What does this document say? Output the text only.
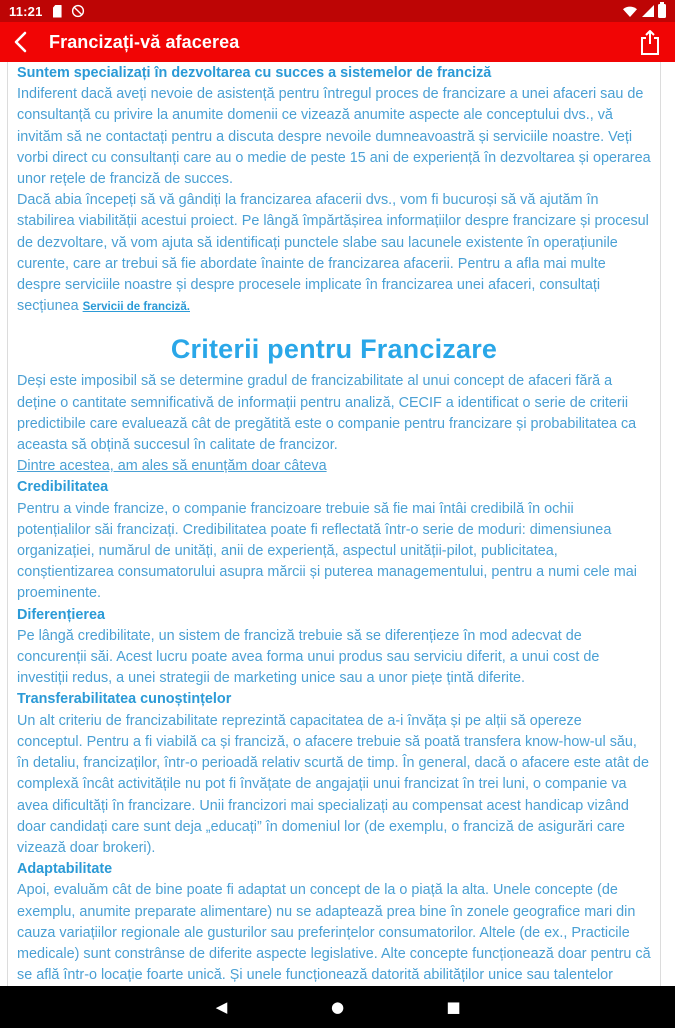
11:21
Francizați-vă afacerea

Suntem specializați în dezvoltarea cu succes a sistemelor de franciză

Indiferent dacă aveți nevoie de asistență pentru întregul proces de francizare a unei afaceri sau de consultanță cu privire la anumite domenii ce vizează anumite aspecte ale conceptului dvs., vă invităm să ne contactați pentru a discuta despre nevoile dumneavoastră și serviciile noastre. Veți vorbi direct cu consultanți care au o medie de peste 15 ani de experiență în dezvoltarea și operarea unor rețele de franciză de succes.

Dacă abia începeți să vă gândiți la francizarea afacerii dvs., vom fi bucuroși să vă ajutăm în stabilirea viabilității acestui proiect. Pe lângă împărtășirea informațiilor despre francizare și procesul de dezvoltare, vă vom ajuta să identificați punctele slabe sau lacunele existente în operațiunile curente, care ar trebui să fie abordate înainte de francizarea afacerii. Pentru a afla mai multe despre serviciile noastre și despre procesele implicate în francizarea unei afaceri, consultați secțiunea Servicii de franciză.

Criterii pentru Francizare

Deși este imposibil să se determine gradul de francizabilitate al unui concept de afaceri fără a deține o cantitate semnificativă de informații pentru analiză, CECIF a identificat o serie de criterii predictibile care evaluează cât de pregătită este o companie pentru francizare și probabilitatea ca aceasta să obțină succesul în calitate de francizor.

Dintre acestea, am ales să enunțăm doar câteva

Credibilitatea

Pentru a vinde francize, o companie francizoare trebuie să fie mai întâi credibilă în ochii potențialilor săi francizați. Credibilitatea poate fi reflectată într-o serie de moduri: dimensiunea organizației, numărul de unități, anii de experiență, aspectul unității-pilot, publicitatea, conștientizarea consumatorului asupra mărcii și puterea managementului, pentru a numi cele mai proeminente.

Diferențierea

Pe lângă credibilitate, un sistem de franciză trebuie să se diferențieze în mod adecvat de concurenții săi. Acest lucru poate avea forma unui produs sau serviciu diferit, a unui cost de investiții redus, a unei strategii de marketing unice sau a unor piețe țintă diferite.

Transferabilitatea cunoștințelor

Un alt criteriu de francizabilitate reprezintă capacitatea de a-i învăța și pe alții să opereze conceptul. Pentru a fi viabilă ca și franciză, o afacere trebuie să poată transfera know-how-ul său, în detaliu, francizaților, într-o perioadă relativ scurtă de timp. În general, dacă o afacere este atât de complexă încât activitățile nu pot fi învățate de angajații unui francizat în trei luni, o companie va avea dificultăți în francizare. Unii francizori mai specializați au compensat acest handicap vizând doar candidați care sunt deja „educați” în domeniul lor (de exemplu, o franciză de asigurări care vizează doar brokeri).

Adaptabilitate

Apoi, evaluăm cât de bine poate fi adaptat un concept de la o piață la alta. Unele concepte (de exemplu, anumite preparate alimentare) nu se adaptează prea bine în zonele geografice mari din cauza variațiilor regionale ale gusturilor sau preferințelor consumatorilor. Altele (de ex., Practicile medicale) sunt constrânse de diferite aspecte legislative. Alte concepte funcționează doar pentru că se află într-o locație foarte unică. Și unele funcționează datorită abilităților unice sau talentelor

◀	●	■
